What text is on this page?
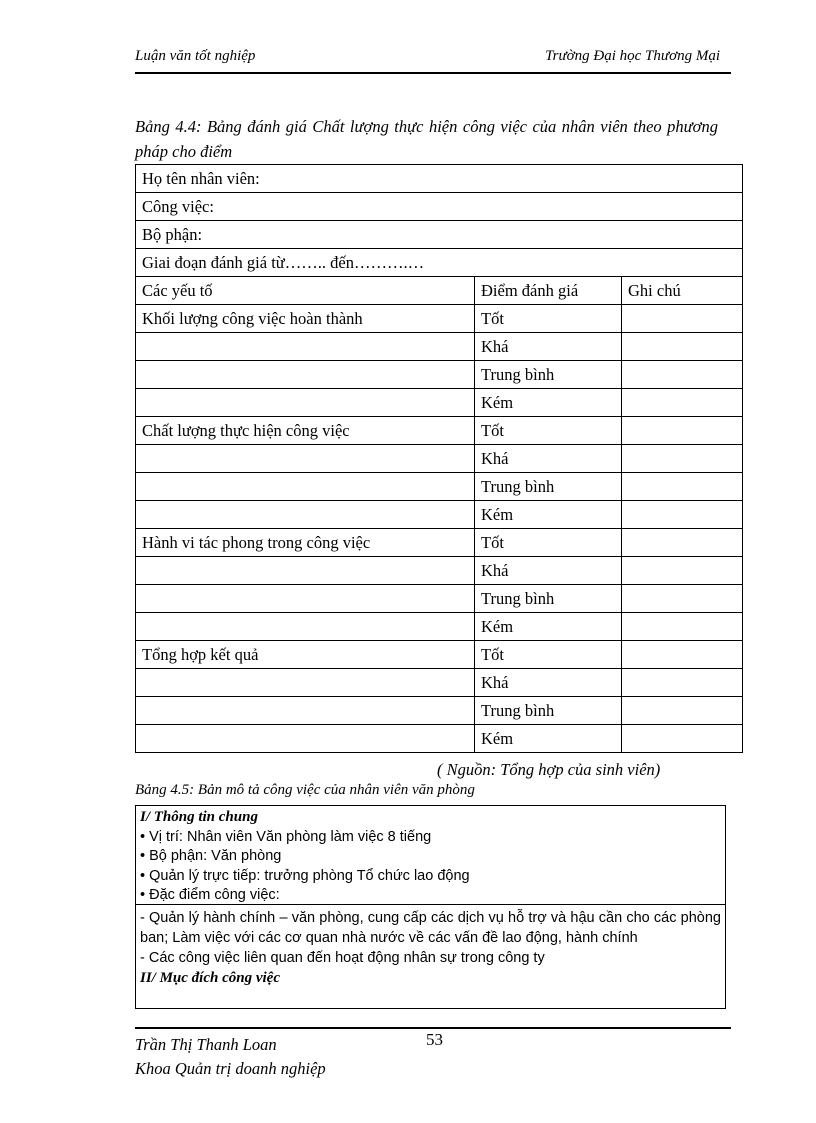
Luận văn tốt nghiệp	Trường Đại học Thương Mại
Bảng 4.4: Bảng đánh giá Chất lượng thực hiện công việc của nhân viên theo phương pháp cho điểm
Họ tên nhân viên:		
Công việc:		
Bộ phận:		
Giai đoạn đánh giá từ…….. đến……….…		
Các yếu tố	Điểm đánh giá	Ghi chú
Khối lượng công việc hoàn thành	Tốt	
	Khá	
	Trung bình	
	Kém	
Chất lượng thực hiện công việc	Tốt	
	Khá	
	Trung bình	
	Kém	
Hành vi tác phong trong công việc	Tốt	
	Khá	
	Trung bình	
	Kém	
Tổng hợp kết quả	Tốt	
	Khá	
	Trung bình	
	Kém	
( Nguồn: Tổng hợp của sinh viên)
Bảng 4.5: Bản mô tả công việc của nhân viên văn phòng
I/ Thông tin chung
• Vị trí: Nhân viên Văn phòng làm việc 8 tiếng
• Bộ phận: Văn phòng
• Quản lý trực tiếp: trưởng phòng Tổ chức lao động
• Đặc điểm công việc:
- Quản lý hành chính – văn phòng, cung cấp các dịch vụ hỗ trợ và hậu cần cho các phòng ban; Làm việc với các cơ quan nhà nước về các vấn đề lao động, hành chính
- Các công việc liên quan đến hoạt động nhân sự trong công ty
II/ Mục đích công việc
53
Trần Thị Thanh Loan
Khoa Quản trị doanh nghiệp
